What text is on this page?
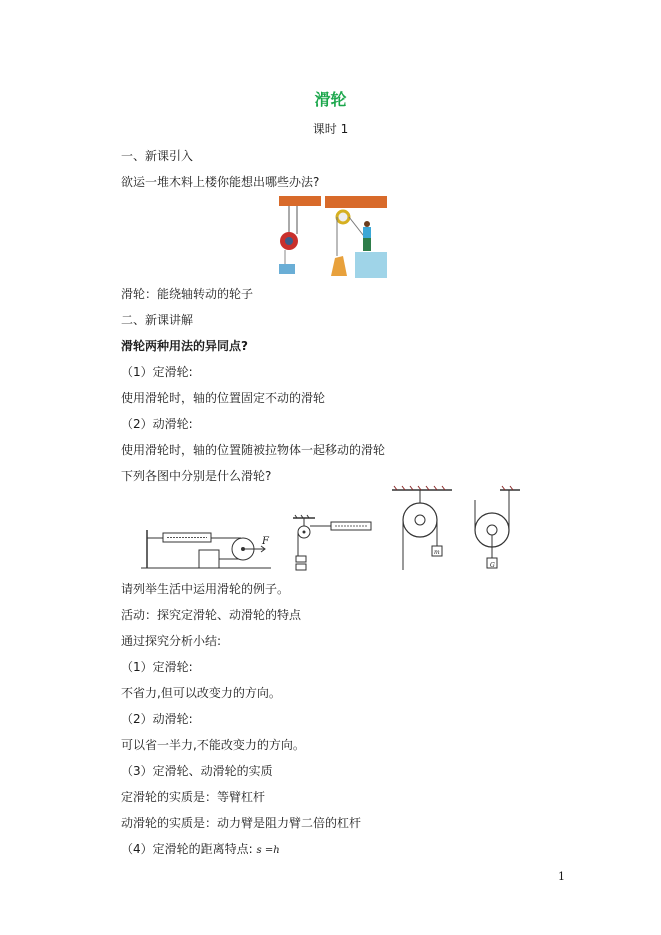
滑轮
课时 1
一、新课引入
欲运一堆木料上楼你能想出哪些办法?
滑轮：能绕轴转动的轮子
二、新课讲解
滑轮两种用法的异同点?
（1）定滑轮:
使用滑轮时，轴的位置固定不动的滑轮
（2）动滑轮:
使用滑轮时，轴的位置随被拉物体一起移动的滑轮
下列各图中分别是什么滑轮?
F
m
G
请列举生活中运用滑轮的例子。
活动：探究定滑轮、动滑轮的特点
通过探究分析小结:
（1）定滑轮:
不省力,但可以改变力的方向。
（2）动滑轮:
可以省一半力,不能改变力的方向。
（3）定滑轮、动滑轮的实质
定滑轮的实质是：等臂杠杆
动滑轮的实质是：动力臂是阻力臂二倍的杠杆
（4）定滑轮的距离特点: s =h
1
